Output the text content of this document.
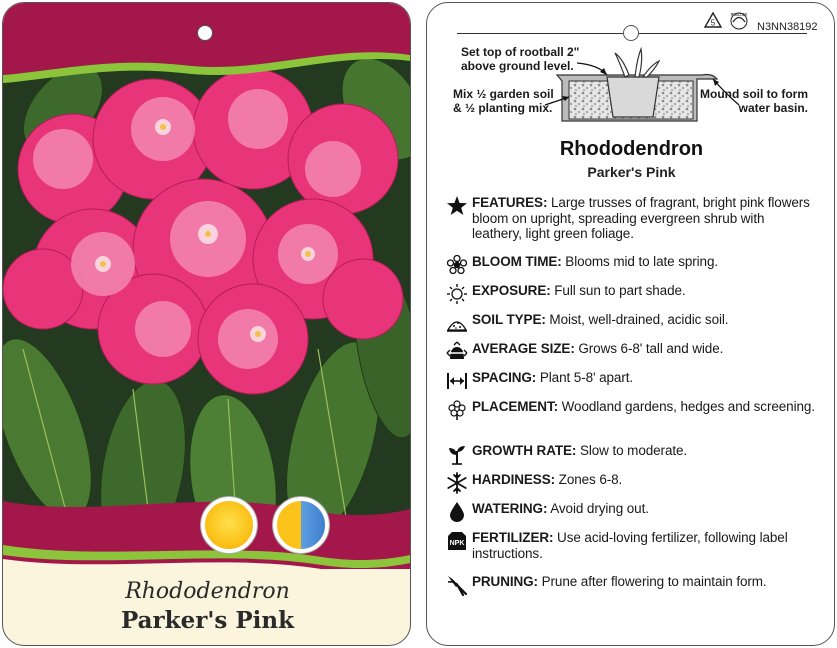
Rhododendron
Parker's Pink
5
macore
N3NN38192
Set top of rootball 2"
above ground level.
Mix ½ garden soil
& ½ planting mix.
Mound soil to form
water basin.
Rhododendron
Parker's Pink
FEATURES: Large trusses of fragrant, bright pink flowers bloom on upright, spreading evergreen shrub with leathery, light green foliage.
BLOOM TIME: Blooms mid to late spring.
EXPOSURE: Full sun to part shade.
SOIL TYPE: Moist, well-drained, acidic soil.
AVERAGE SIZE: Grows 6-8' tall and wide.
SPACING: Plant 5-8' apart.
PLACEMENT: Woodland gardens, hedges and screening.
GROWTH RATE: Slow to moderate.
HARDINESS: Zones 6-8.
WATERING: Avoid drying out.
NPK FERTILIZER: Use acid-loving fertilizer, following label instructions.
PRUNING: Prune after flowering to maintain form.
